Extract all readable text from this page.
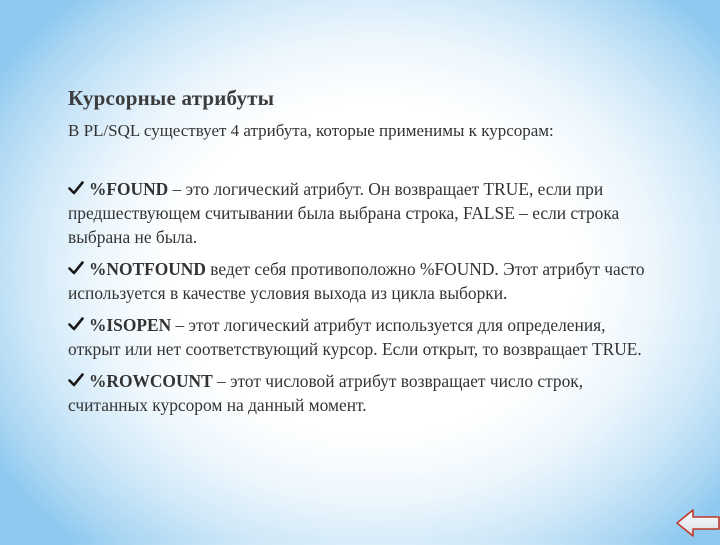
Курсорные атрибуты

В PL/SQL существует 4 атрибута, которые применимы к курсорам:

%FOUND – это логический атрибут. Он возвращает TRUE, если при предшествующем считывании была выбрана строка, FALSE – если строка выбрана не была.
%NOTFOUND ведет себя противоположно %FOUND. Этот атрибут часто используется в качестве условия выхода из цикла выборки.
%ISOPEN – этот логический атрибут используется для определения, открыт или нет соответствующий курсор. Если открыт, то возвращает TRUE.
%ROWCOUNT – этот числовой атрибут возвращает число строк, считанных курсором на данный момент.
